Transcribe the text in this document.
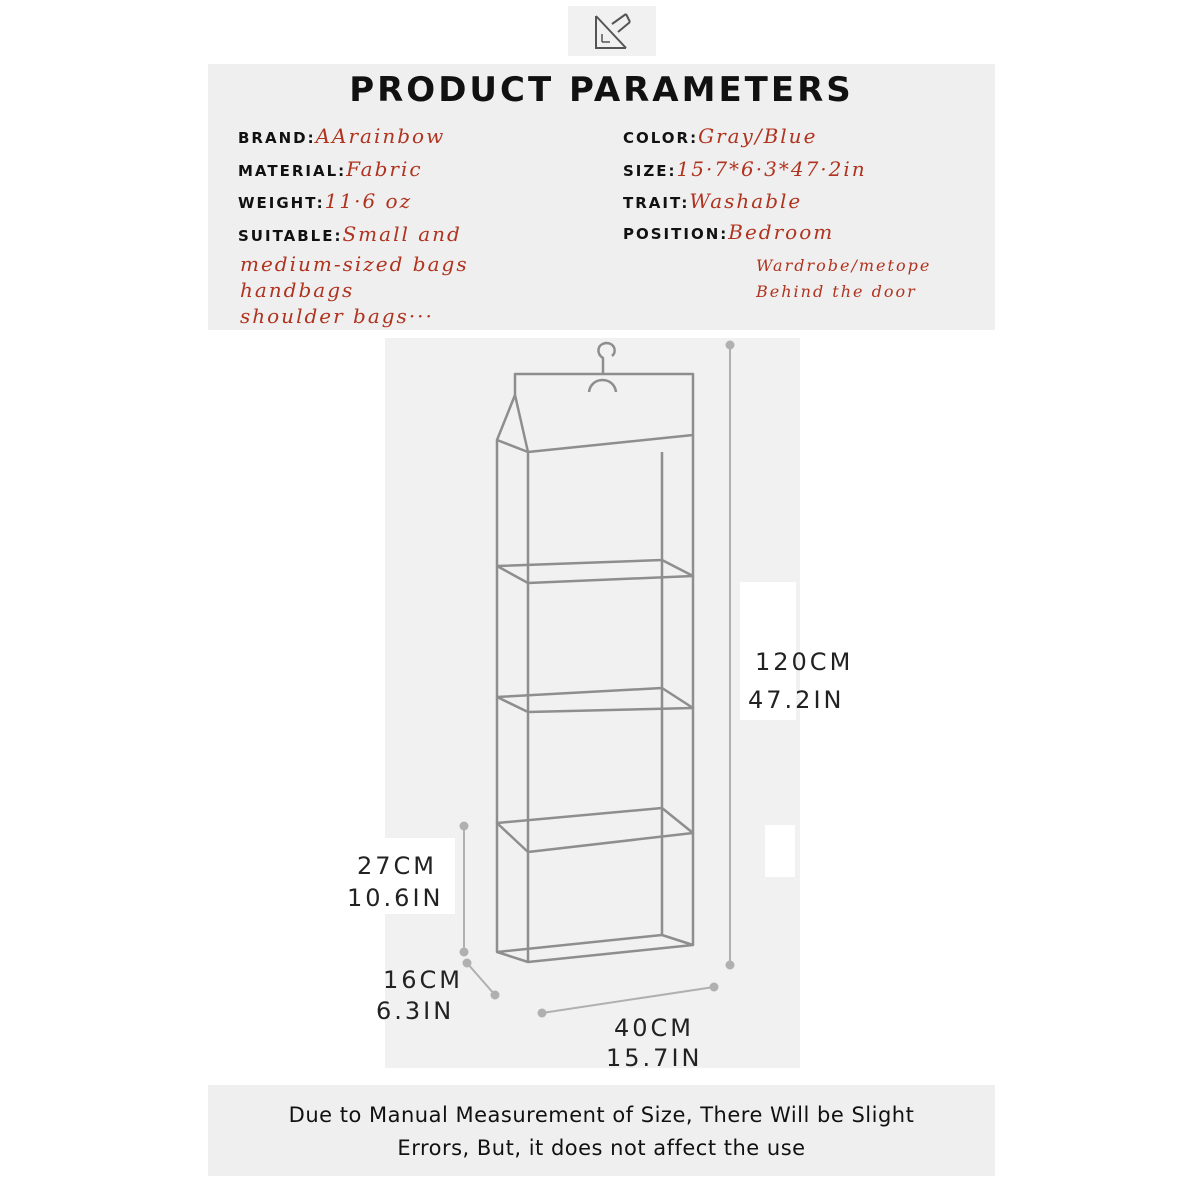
PRODUCT PARAMETERS
BRAND:AArainbow	COLOR:Gray/Blue
MATERIAL:Fabric	SIZE:15·7*6·3*47·2in
WEIGHT:11·6 oz	TRAIT:Washable
SUITABLE:Small and	POSITION:Bedroom
medium-sized bags
handbags
shoulder bags···
Wardrobe/metope
Behind the door
120CM
47.2IN
27CM
10.6IN
16CM
6.3IN
40CM
15.7IN

Due to Manual Measurement of Size, There Will be Slight

Errors, But, it does not affect the use
